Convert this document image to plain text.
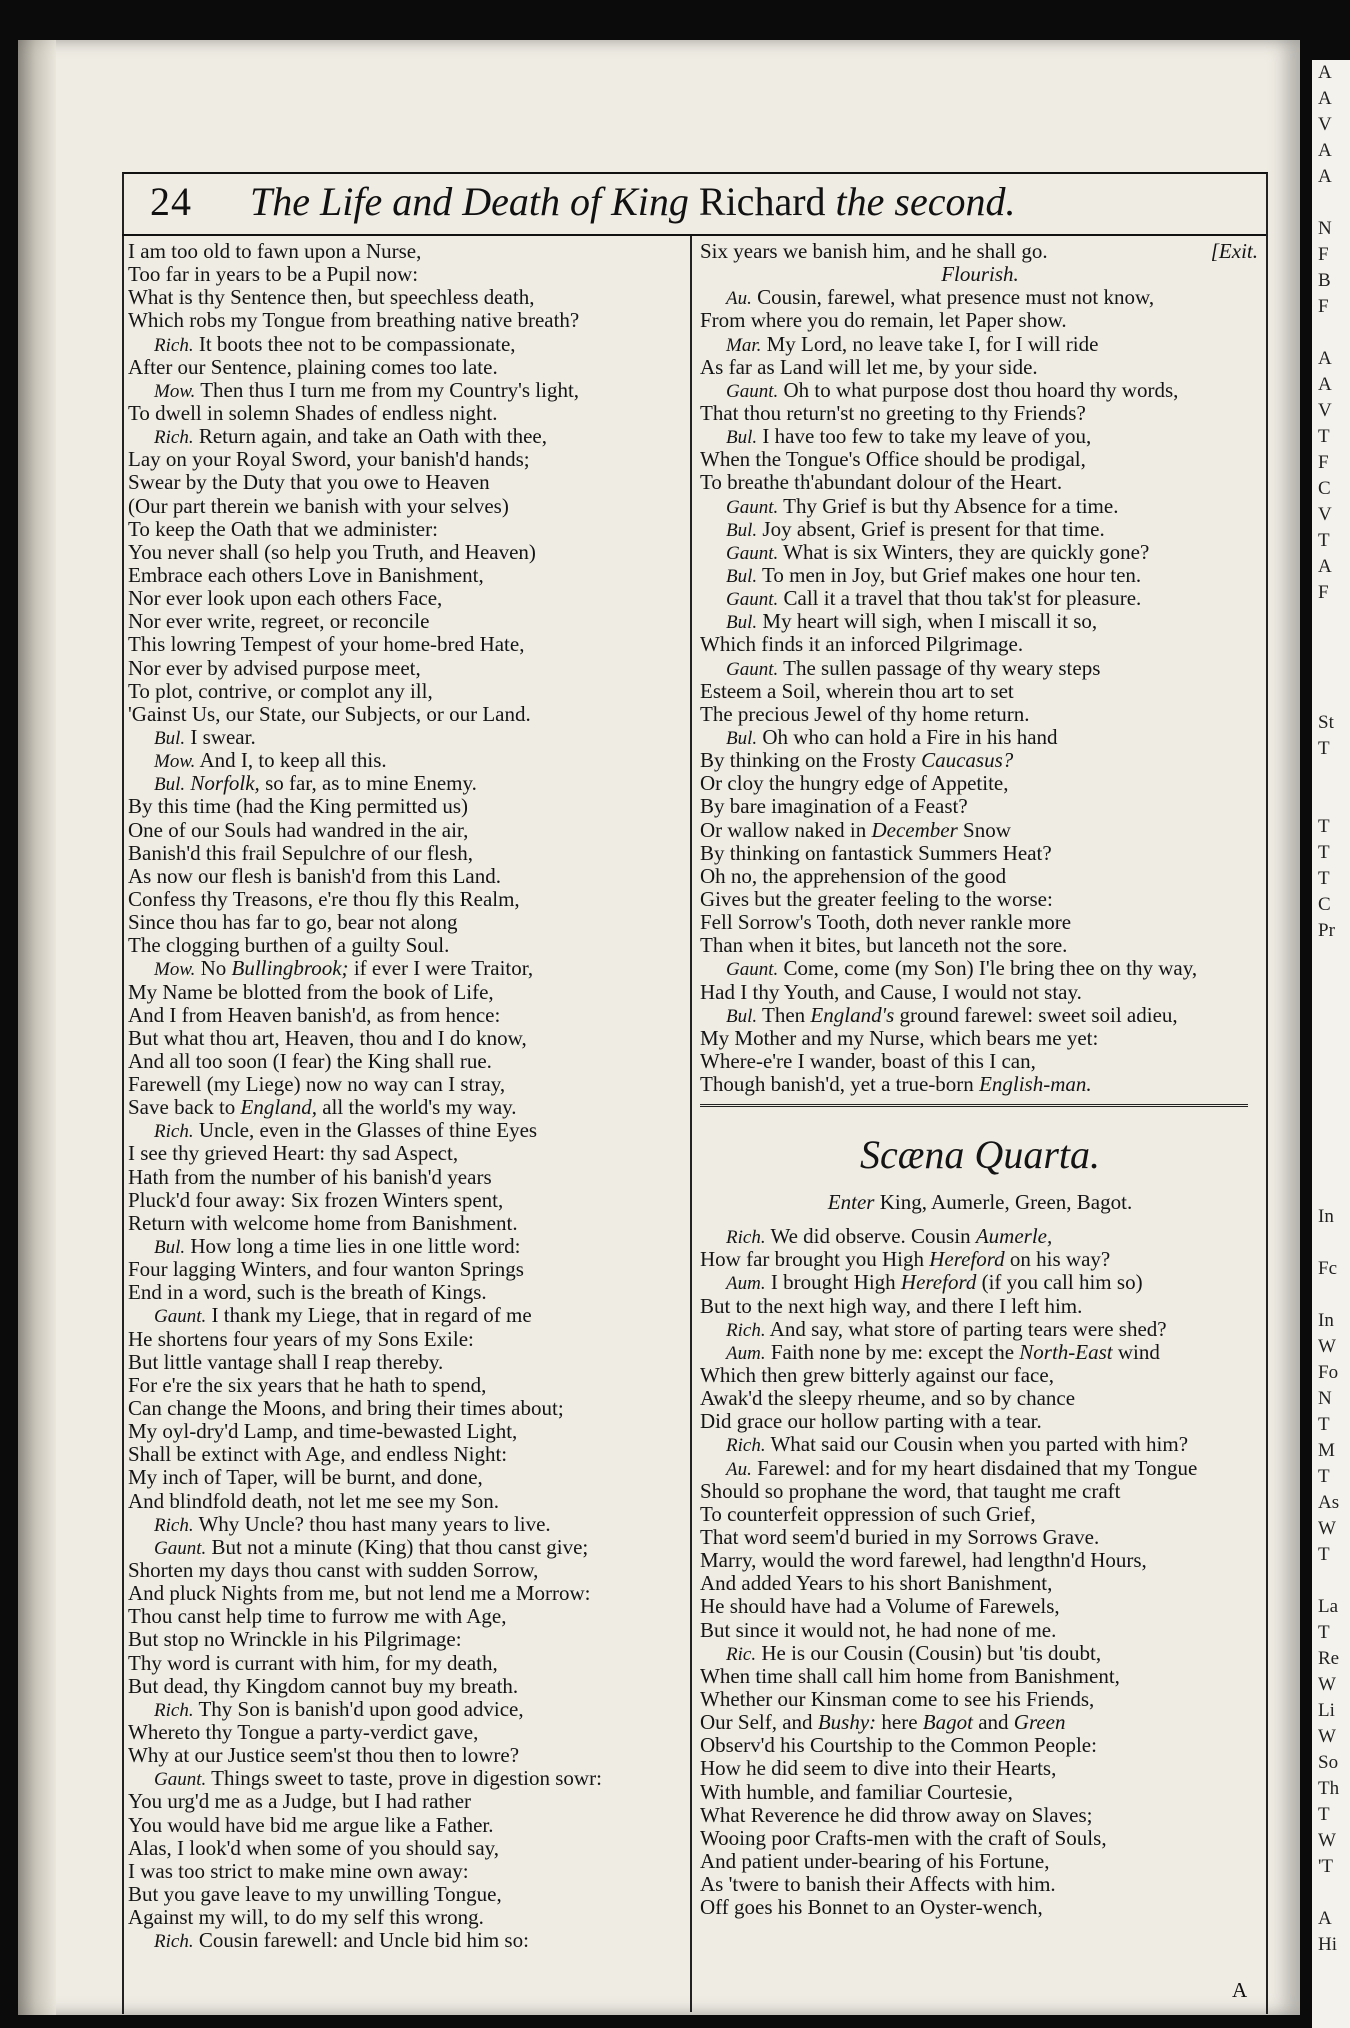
A
A
V
A
A

N
F
B
F

A
A
V
T
F
C
V
T
A
F

St
T

T
T
T
C
Pr

In

Fc

In
W
Fo
N
T
M
T
As
W
T

La
T
Re
W
Li
W
So
Th
T
W
'T

A
Hi
24 The Life and Death of King Richard the second.
I am too old to fawn upon a Nurse,
Too far in years to be a Pupil now:
What is thy Sentence then, but speechless death,
Which robs my Tongue from breathing native breath?
Rich. It boots thee not to be compassionate,
After our Sentence, plaining comes too late.
Mow. Then thus I turn me from my Country's light,
To dwell in solemn Shades of endless night.
Rich. Return again, and take an Oath with thee,
Lay on your Royal Sword, your banish'd hands;
Swear by the Duty that you owe to Heaven
(Our part therein we banish with your selves)
To keep the Oath that we administer:
You never shall (so help you Truth, and Heaven)
Embrace each others Love in Banishment,
Nor ever look upon each others Face,
Nor ever write, regreet, or reconcile
This lowring Tempest of your home-bred Hate,
Nor ever by advised purpose meet,
To plot, contrive, or complot any ill,
'Gainst Us, our State, our Subjects, or our Land.
Bul. I swear.
Mow. And I, to keep all this.
Bul. Norfolk, so far, as to mine Enemy.
By this time (had the King permitted us)
One of our Souls had wandred in the air,
Banish'd this frail Sepulchre of our flesh,
As now our flesh is banish'd from this Land.
Confess thy Treasons, e're thou fly this Realm,
Since thou has far to go, bear not along
The clogging burthen of a guilty Soul.
Mow. No Bullingbrook; if ever I were Traitor,
My Name be blotted from the book of Life,
And I from Heaven banish'd, as from hence:
But what thou art, Heaven, thou and I do know,
And all too soon (I fear) the King shall rue.
Farewell (my Liege) now no way can I stray,
Save back to England, all the world's my way.
Rich. Uncle, even in the Glasses of thine Eyes
I see thy grieved Heart: thy sad Aspect,
Hath from the number of his banish'd years
Pluck'd four away: Six frozen Winters spent,
Return with welcome home from Banishment.
Bul. How long a time lies in one little word:
Four lagging Winters, and four wanton Springs
End in a word, such is the breath of Kings.
Gaunt. I thank my Liege, that in regard of me
He shortens four years of my Sons Exile:
But little vantage shall I reap thereby.
For e're the six years that he hath to spend,
Can change the Moons, and bring their times about;
My oyl-dry'd Lamp, and time-bewasted Light,
Shall be extinct with Age, and endless Night:
My inch of Taper, will be burnt, and done,
And blindfold death, not let me see my Son.
Rich. Why Uncle? thou hast many years to live.
Gaunt. But not a minute (King) that thou canst give;
Shorten my days thou canst with sudden Sorrow,
And pluck Nights from me, but not lend me a Morrow:
Thou canst help time to furrow me with Age,
But stop no Wrinckle in his Pilgrimage:
Thy word is currant with him, for my death,
But dead, thy Kingdom cannot buy my breath.
Rich. Thy Son is banish'd upon good advice,
Whereto thy Tongue a party-verdict gave,
Why at our Justice seem'st thou then to lowre?
Gaunt. Things sweet to taste, prove in digestion sowr:
You urg'd me as a Judge, but I had rather
You would have bid me argue like a Father.
Alas, I look'd when some of you should say,
I was too strict to make mine own away:
But you gave leave to my unwilling Tongue,
Against my will, to do my self this wrong.
Rich. Cousin farewell: and Uncle bid him so:
[Exit.
Six years we banish him, and he shall go.
Flourish.
Au. Cousin, farewel, what presence must not know,
From where you do remain, let Paper show.
Mar. My Lord, no leave take I, for I will ride
As far as Land will let me, by your side.
Gaunt. Oh to what purpose dost thou hoard thy words,
That thou return'st no greeting to thy Friends?
Bul. I have too few to take my leave of you,
When the Tongue's Office should be prodigal,
To breathe th'abundant dolour of the Heart.
Gaunt. Thy Grief is but thy Absence for a time.
Bul. Joy absent, Grief is present for that time.
Gaunt. What is six Winters, they are quickly gone?
Bul. To men in Joy, but Grief makes one hour ten.
Gaunt. Call it a travel that thou tak'st for pleasure.
Bul. My heart will sigh, when I miscall it so,
Which finds it an inforced Pilgrimage.
Gaunt. The sullen passage of thy weary steps
Esteem a Soil, wherein thou art to set
The precious Jewel of thy home return.
Bul. Oh who can hold a Fire in his hand
By thinking on the Frosty Caucasus?
Or cloy the hungry edge of Appetite,
By bare imagination of a Feast?
Or wallow naked in December Snow
By thinking on fantastick Summers Heat?
Oh no, the apprehension of the good
Gives but the greater feeling to the worse:
Fell Sorrow's Tooth, doth never rankle more
Than when it bites, but lanceth not the sore.
Gaunt. Come, come (my Son) I'le bring thee on thy way,
Had I thy Youth, and Cause, I would not stay.
Bul. Then England's ground farewel: sweet soil adieu,
My Mother and my Nurse, which bears me yet:
Where-e're I wander, boast of this I can,
Though banish'd, yet a true-born English-man.
Scæna Quarta.
Enter King, Aumerle, Green, Bagot.
Rich. We did observe. Cousin Aumerle,
How far brought you High Hereford on his way?
Aum. I brought High Hereford (if you call him so)
But to the next high way, and there I left him.
Rich. And say, what store of parting tears were shed?
Aum. Faith none by me: except the North-East wind
Which then grew bitterly against our face,
Awak'd the sleepy rheume, and so by chance
Did grace our hollow parting with a tear.
Rich. What said our Cousin when you parted with him?
Au. Farewel: and for my heart disdained that my Tongue
Should so prophane the word, that taught me craft
To counterfeit oppression of such Grief,
That word seem'd buried in my Sorrows Grave.
Marry, would the word farewel, had lengthn'd Hours,
And added Years to his short Banishment,
He should have had a Volume of Farewels,
But since it would not, he had none of me.
Ric. He is our Cousin (Cousin) but 'tis doubt,
When time shall call him home from Banishment,
Whether our Kinsman come to see his Friends,
Our Self, and Bushy: here Bagot and Green
Observ'd his Courtship to the Common People:
How he did seem to dive into their Hearts,
With humble, and familiar Courtesie,
What Reverence he did throw away on Slaves;
Wooing poor Crafts-men with the craft of Souls,
And patient under-bearing of his Fortune,
As 'twere to banish their Affects with him.
Off goes his Bonnet to an Oyster-wench,
A
